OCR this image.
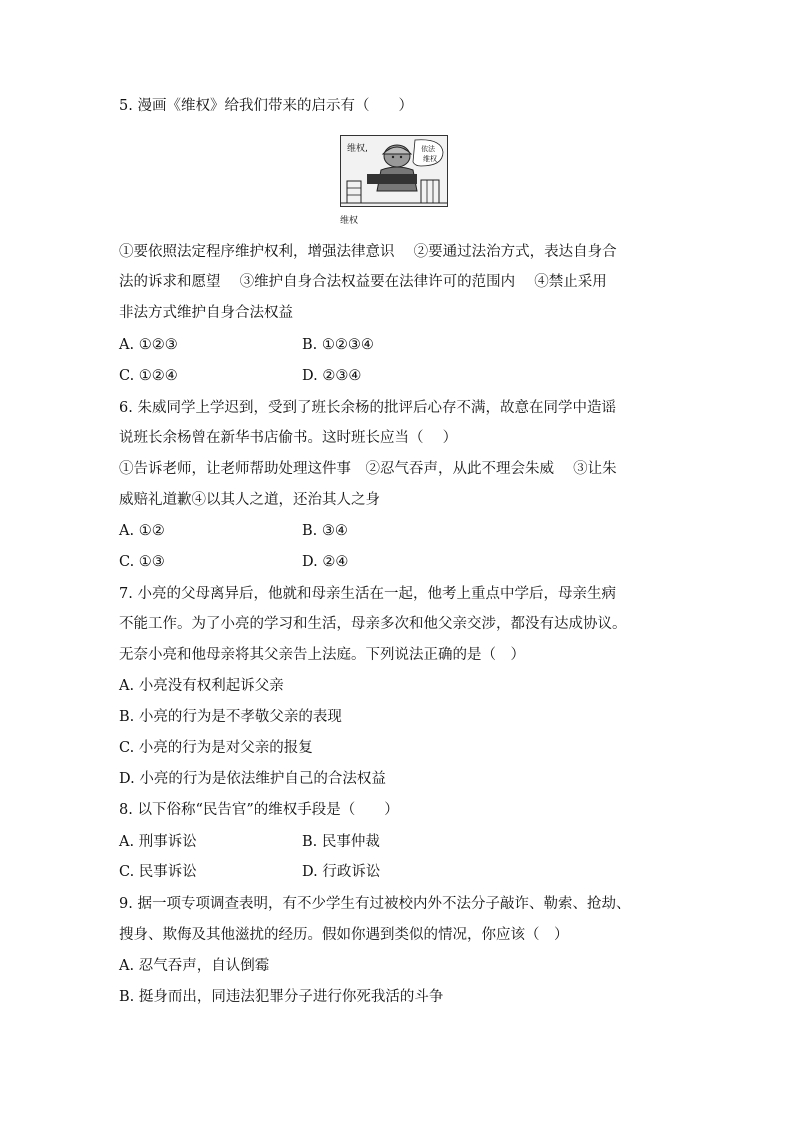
5. 漫画《维权》给我们带来的启示有（　　）
维权,	依法
维权
维权
①要依照法定程序维护权利，增强法律意识　 ②要通过法治方式，表达自身合
法的诉求和愿望　 ③维护自身合法权益要在法律许可的范围内　 ④禁止采用
非法方式维护自身合法权益
A. ①②③	B. ①②③④
C. ①②④	D. ②③④
6. 朱威同学上学迟到，受到了班长余杨的批评后心存不满，故意在同学中造谣
说班长余杨曾在新华书店偷书。这时班长应当（　 ）
①告诉老师，让老师帮助处理这件事　②忍气吞声，从此不理会朱威　 ③让朱
威赔礼道歉④以其人之道，还治其人之身
A. ①②	B. ③④
C. ①③	D. ②④
7. 小亮的父母离异后，他就和母亲生活在一起，他考上重点中学后，母亲生病
不能工作。为了小亮的学习和生活，母亲多次和他父亲交涉，都没有达成协议。
无奈小亮和他母亲将其父亲告上法庭。下列说法正确的是（　）
A. 小亮没有权利起诉父亲
B. 小亮的行为是不孝敬父亲的表现
C. 小亮的行为是对父亲的报复
D. 小亮的行为是依法维护自己的合法权益
8. 以下俗称“民告官”的维权手段是（　　）
A. 刑事诉讼	B. 民事仲裁
C. 民事诉讼	D. 行政诉讼
9. 据一项专项调查表明，有不少学生有过被校内外不法分子敲诈、勒索、抢劫、
搜身、欺侮及其他滋扰的经历。假如你遇到类似的情况，你应该（　）
A. 忍气吞声，自认倒霉
B. 挺身而出，同违法犯罪分子进行你死我活的斗争
